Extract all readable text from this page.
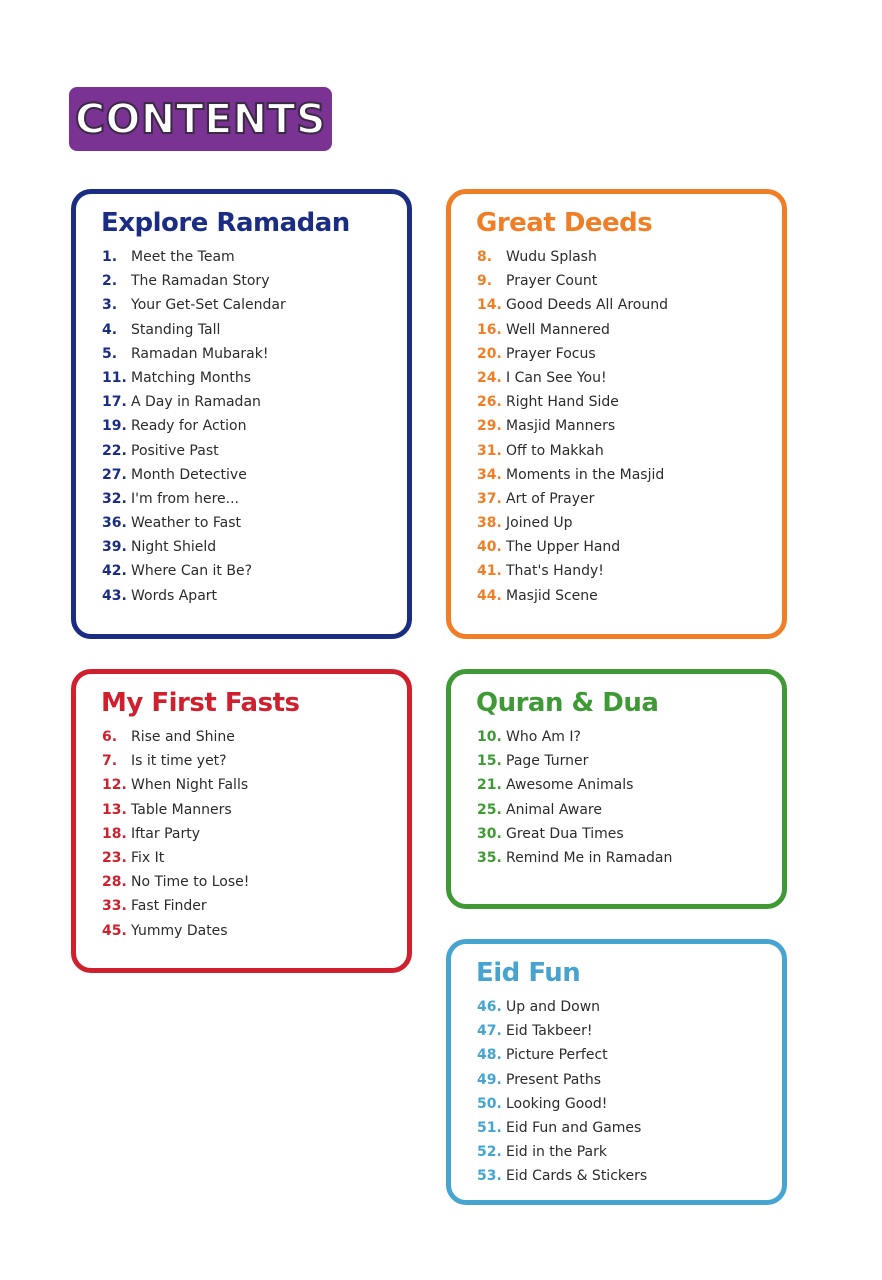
CONTENTS
Explore Ramadan
1. Meet the Team
2. The Ramadan Story
3. Your Get-Set Calendar
4. Standing Tall
5. Ramadan Mubarak!
11. Matching Months
17. A Day in Ramadan
19. Ready for Action
22. Positive Past
27. Month Detective
32. I'm from here...
36. Weather to Fast
39. Night Shield
42. Where Can it Be?
43. Words Apart
Great Deeds
8. Wudu Splash
9. Prayer Count
14. Good Deeds All Around
16. Well Mannered
20. Prayer Focus
24. I Can See You!
26. Right Hand Side
29. Masjid Manners
31. Off to Makkah
34. Moments in the Masjid
37. Art of Prayer
38. Joined Up
40. The Upper Hand
41. That's Handy!
44. Masjid Scene
My First Fasts
6. Rise and Shine
7. Is it time yet?
12. When Night Falls
13. Table Manners
18. Iftar Party
23. Fix It
28. No Time to Lose!
33. Fast Finder
45. Yummy Dates
Quran & Dua
10. Who Am I?
15. Page Turner
21. Awesome Animals
25. Animal Aware
30. Great Dua Times
35. Remind Me in Ramadan
Eid Fun
46. Up and Down
47. Eid Takbeer!
48. Picture Perfect
49. Present Paths
50. Looking Good!
51. Eid Fun and Games
52. Eid in the Park
53. Eid Cards & Stickers
